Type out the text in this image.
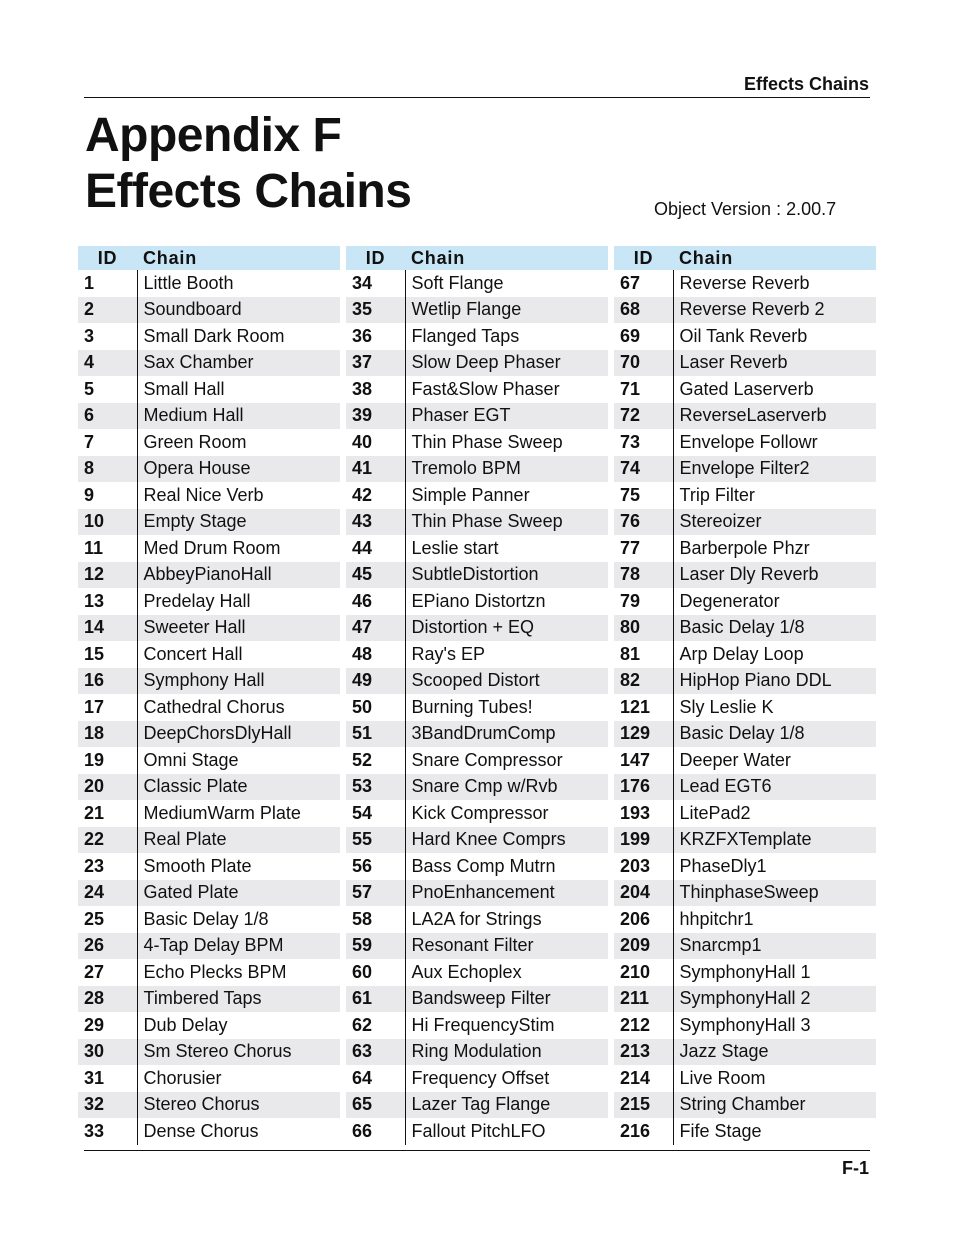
Effects Chains
Appendix F
Effects Chains	Object Version : 2.00.7
ID	Chain
1	Little Booth
2	Soundboard
3	Small Dark Room
4	Sax Chamber
5	Small Hall
6	Medium Hall
7	Green Room
8	Opera House
9	Real Nice Verb
10	Empty Stage
11	Med Drum Room
12	AbbeyPianoHall
13	Predelay Hall
14	Sweeter Hall
15	Concert Hall
16	Symphony Hall
17	Cathedral Chorus
18	DeepChorsDlyHall
19	Omni Stage
20	Classic Plate
21	MediumWarm Plate
22	Real Plate
23	Smooth Plate
24	Gated Plate
25	Basic Delay 1/8
26	4-Tap Delay BPM
27	Echo Plecks BPM
28	Timbered Taps
29	Dub Delay
30	Sm Stereo Chorus
31	Chorusier
32	Stereo Chorus
33	Dense Chorus
ID	Chain
34	Soft Flange
35	Wetlip Flange
36	Flanged Taps
37	Slow Deep Phaser
38	Fast&Slow Phaser
39	Phaser EGT
40	Thin Phase Sweep
41	Tremolo BPM
42	Simple Panner
43	Thin Phase Sweep
44	Leslie start
45	SubtleDistortion
46	EPiano Distortzn
47	Distortion + EQ
48	Ray's EP
49	Scooped Distort
50	Burning Tubes!
51	3BandDrumComp
52	Snare Compressor
53	Snare Cmp w/Rvb
54	Kick Compressor
55	Hard Knee Comprs
56	Bass Comp Mutrn
57	PnoEnhancement
58	LA2A for Strings
59	Resonant Filter
60	Aux Echoplex
61	Bandsweep Filter
62	Hi FrequencyStim
63	Ring Modulation
64	Frequency Offset
65	Lazer Tag Flange
66	Fallout PitchLFO
ID	Chain
67	Reverse Reverb
68	Reverse Reverb 2
69	Oil Tank Reverb
70	Laser Reverb
71	Gated Laserverb
72	ReverseLaserverb
73	Envelope Followr
74	Envelope Filter2
75	Trip Filter
76	Stereoizer
77	Barberpole Phzr
78	Laser Dly Reverb
79	Degenerator
80	Basic Delay 1/8
81	Arp Delay Loop
82	HipHop Piano DDL
121	Sly Leslie K
129	Basic Delay 1/8
147	Deeper Water
176	Lead EGT6
193	LitePad2
199	KRZFXTemplate
203	PhaseDly1
204	ThinphaseSweep
206	hhpitchr1
209	Snarcmp1
210	SymphonyHall 1
211	SymphonyHall 2
212	SymphonyHall 3
213	Jazz Stage
214	Live Room
215	String Chamber
216	Fife Stage
F-1
